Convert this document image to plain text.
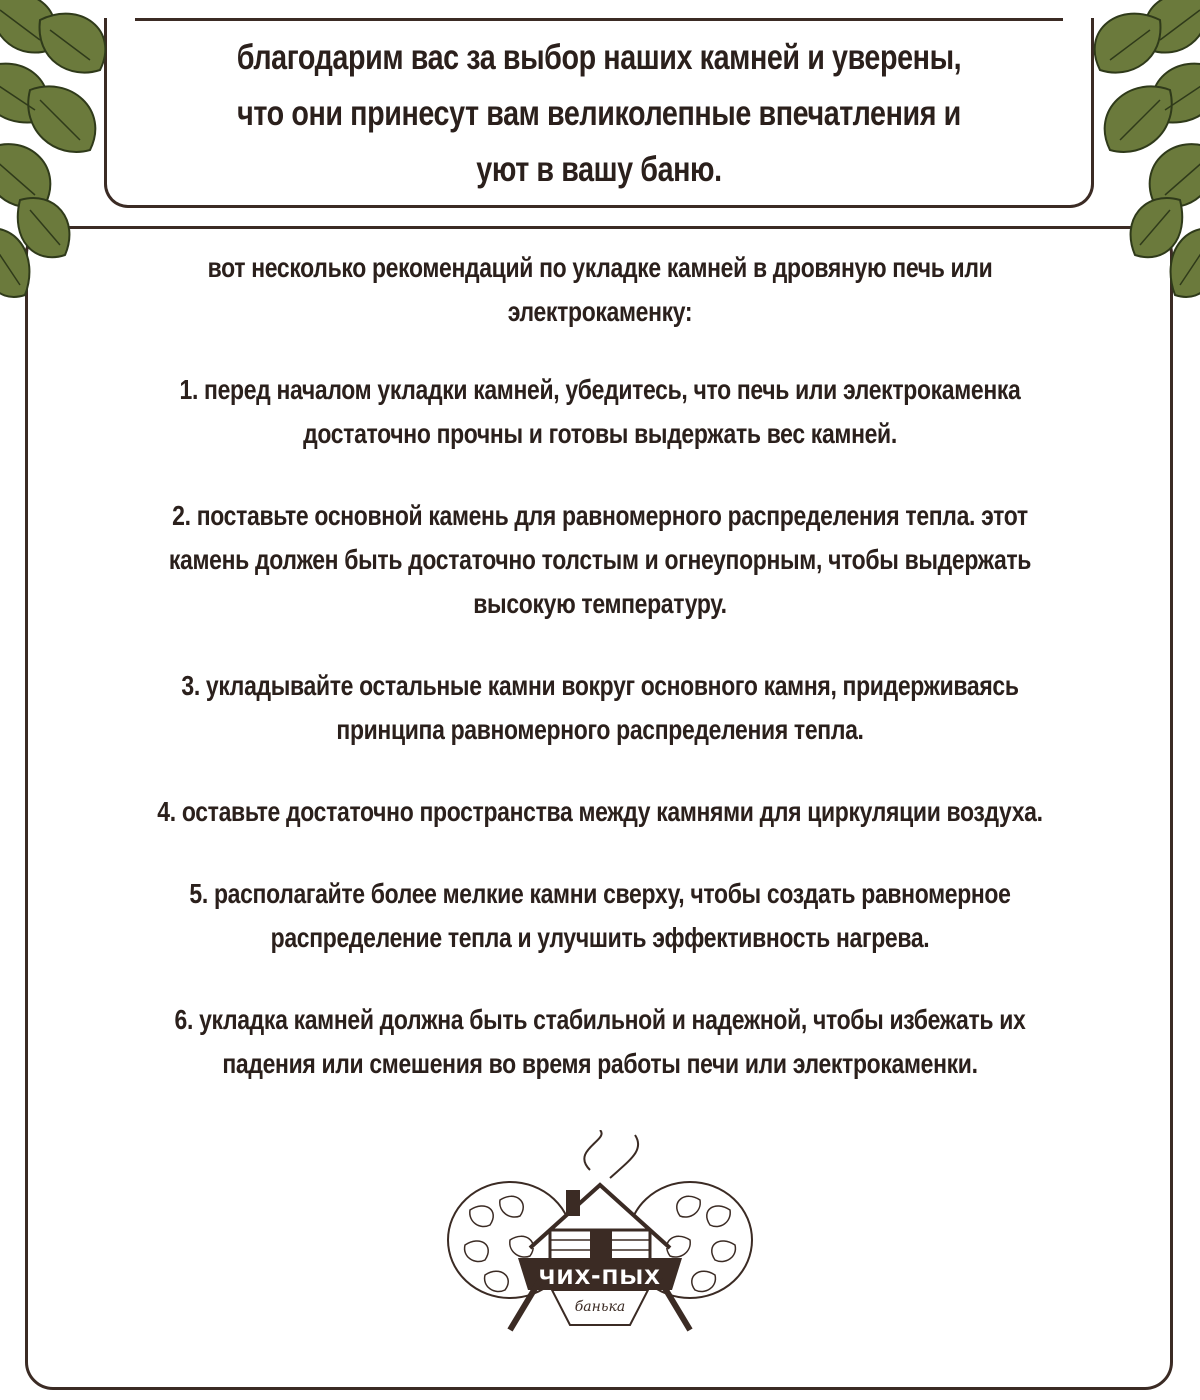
благодарим вас за выбор наших камней и уверены, что они принесут вам великолепные впечатления и уют в вашу баню.

вот несколько рекомендаций по укладке камней в дровяную печь или электрокаменку:

1. перед началом укладки камней, убедитесь, что печь или электрокаменка достаточно прочны и готовы выдержать вес камней.
2. поставьте основной камень для равномерного распределения тепла. этот камень должен быть достаточно толстым и огнеупорным, чтобы выдержать высокую температуру.
3. укладывайте остальные камни вокруг основного камня, придерживаясь принципа равномерного распределения тепла.
4. оставьте достаточно пространства между камнями для циркуляции воздуха.
5. располагайте более мелкие камни сверху, чтобы создать равномерное распределение тепла и улучшить эффективность нагрева.
6. укладка камней должна быть стабильной и надежной, чтобы избежать их падения или смешения во время работы печи или электрокаменки.
чих-пых
банька
